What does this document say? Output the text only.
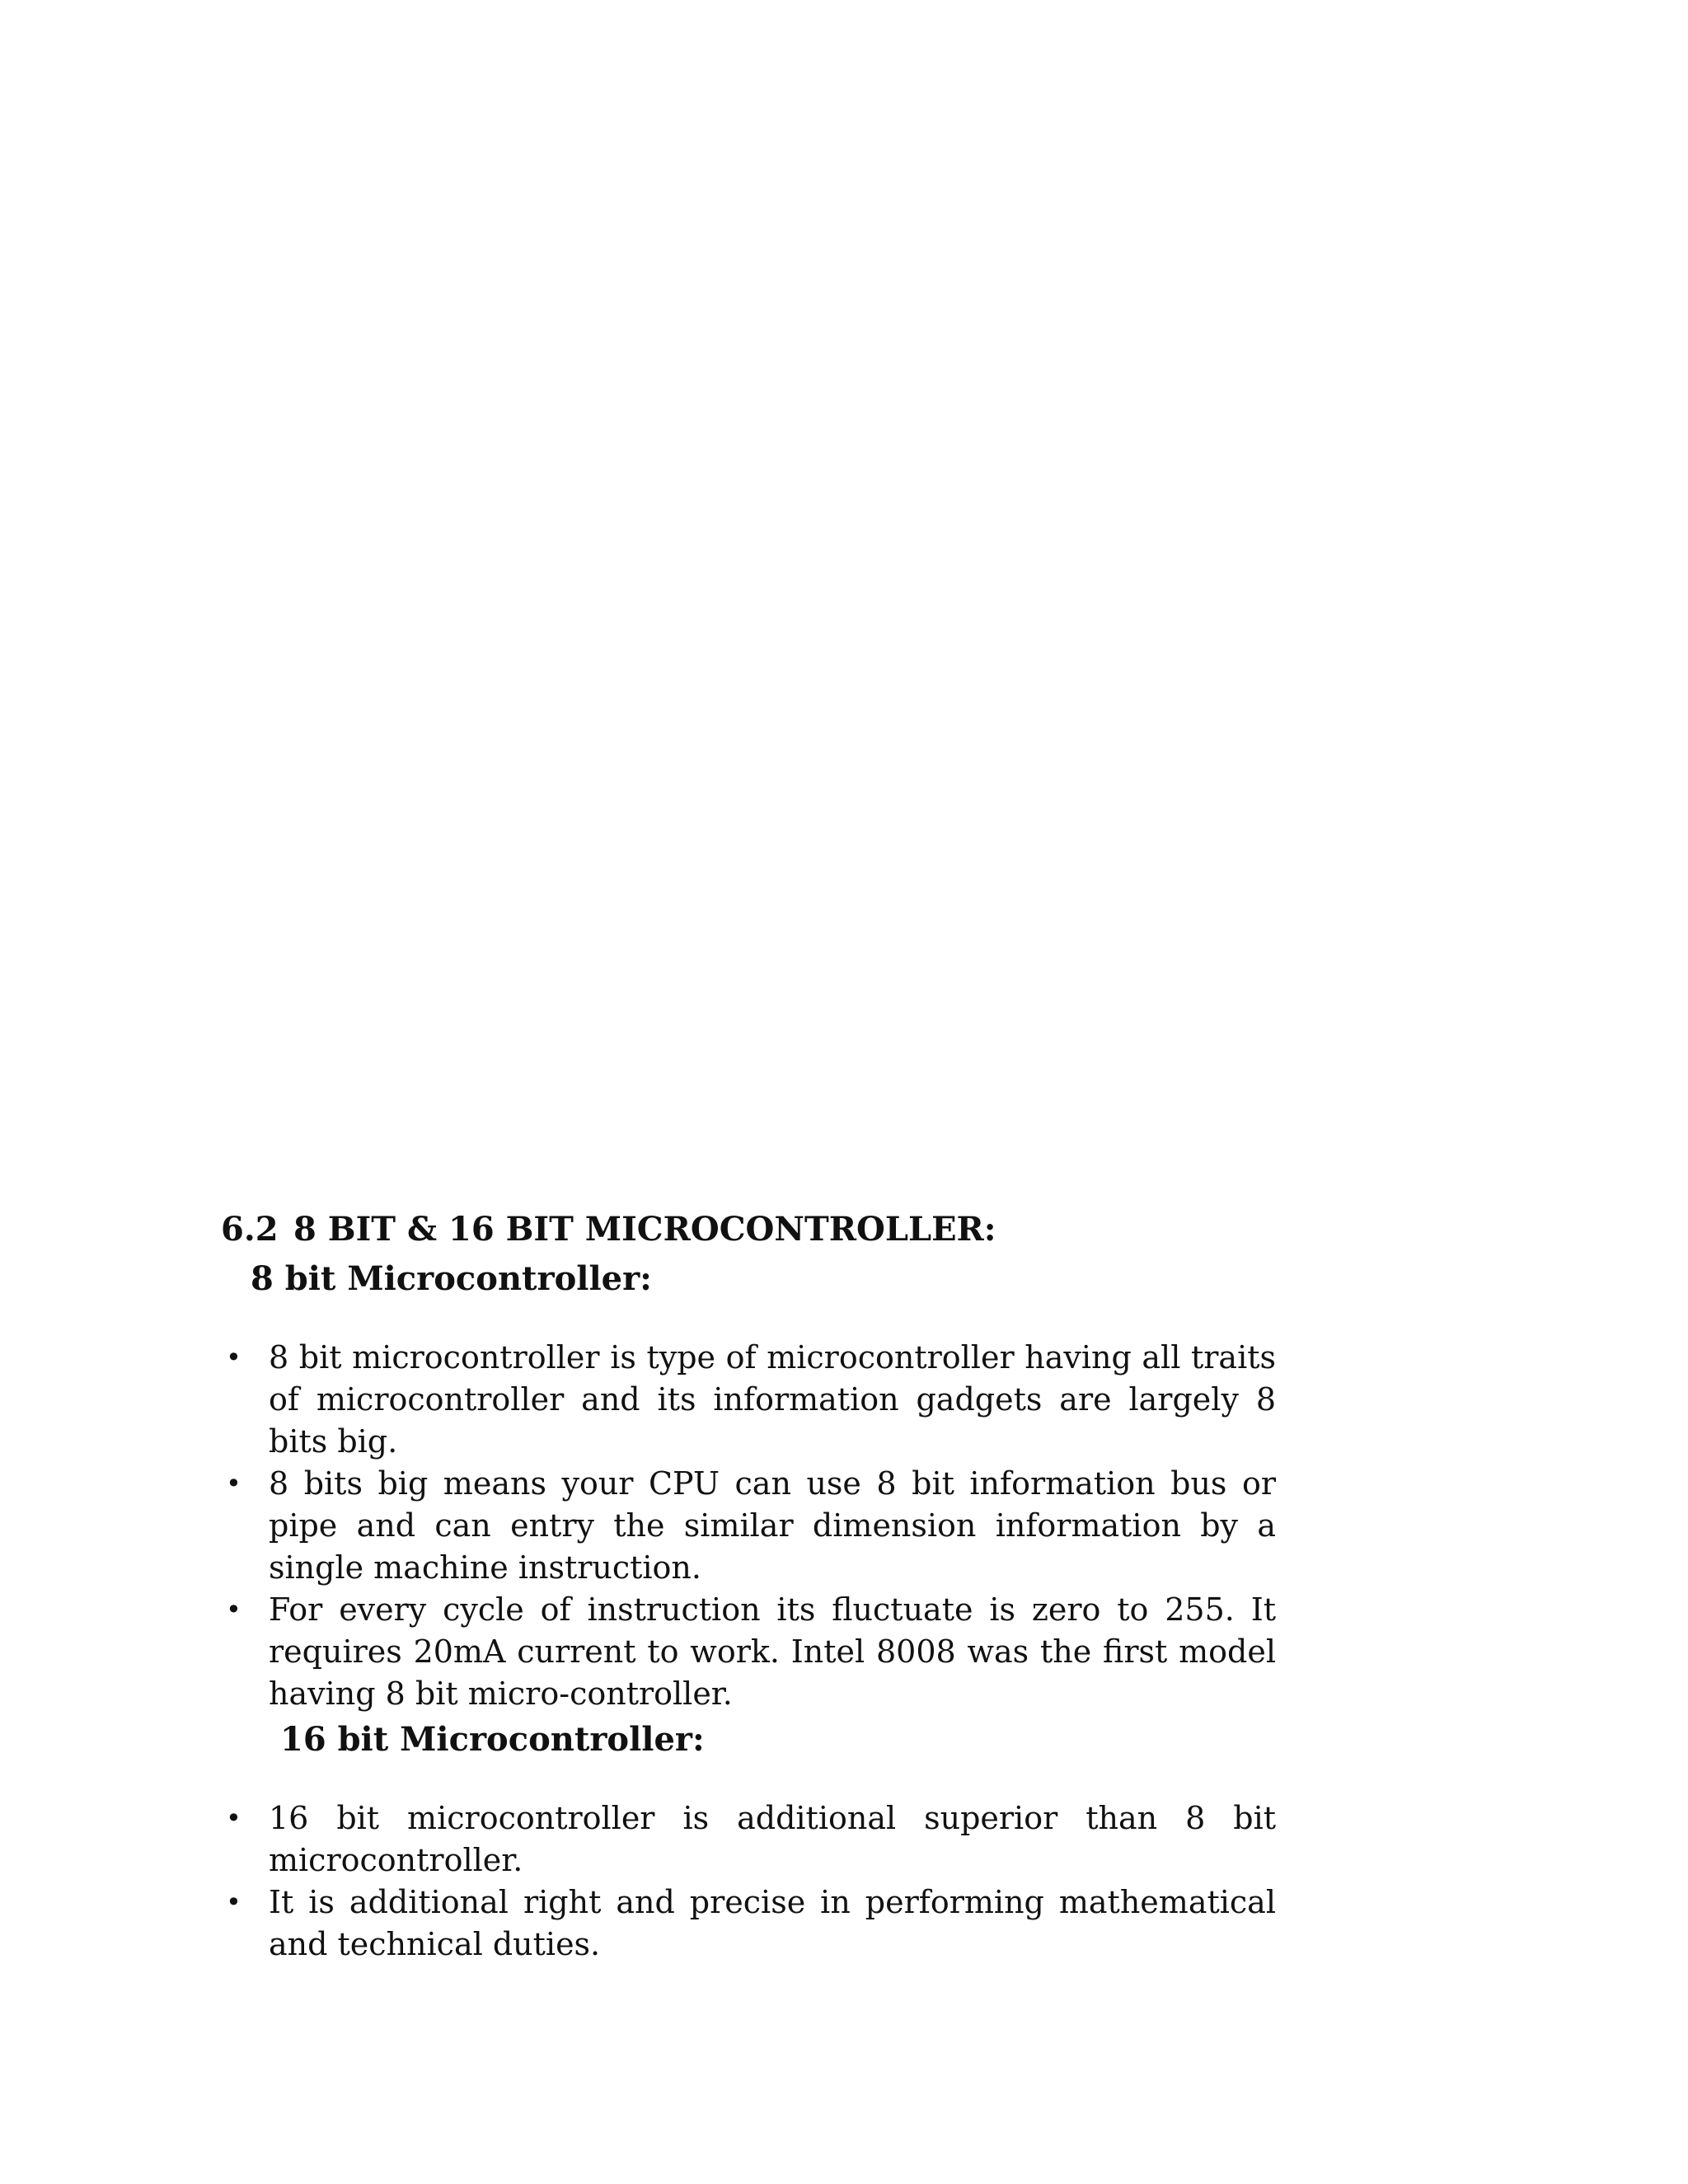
6.2 8 BIT & 16 BIT MICROCONTROLLER:
8 bit Microcontroller:
• 8 bit microcontroller is type of microcontroller having all traits of microcontroller and its information gadgets are largely 8 bits big.
• 8 bits big means your CPU can use 8 bit information bus or pipe and can entry the similar dimension information by a single machine instruction.
• For every cycle of instruction its fluctuate is zero to 255. It requires 20mA current to work. Intel 8008 was the first model having 8 bit micro-controller.
16 bit Microcontroller:
• 16 bit microcontroller is additional superior than 8 bit microcontroller.
• It is additional right and precise in performing mathematical and technical duties.
